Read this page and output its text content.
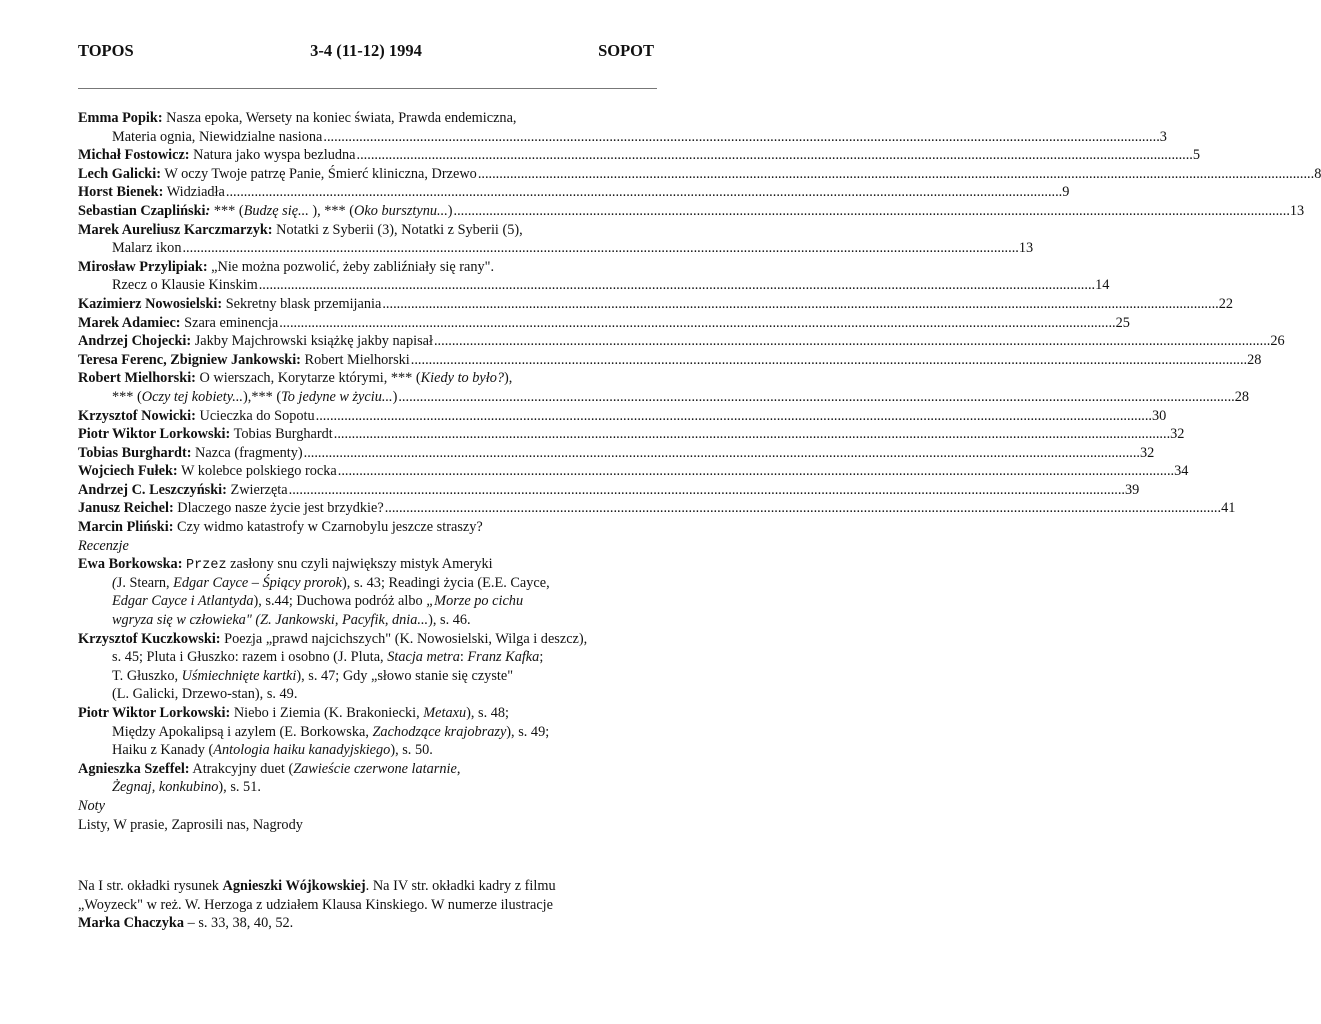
TOPOS	3-4 (11-12) 1994	SOPOT
Emma Popik: Nasza epoka, Wersety na koniec świata, Prawda endemiczna,
Materia ognia, Niewidzialne nasiona .......................................................................................................................................................................................................................................... 3
Michał Fostowicz: Natura jako wyspa bezludna .......................................................................................................................................................................................................................................... 5
Lech Galicki: W oczy Twoje patrzę Panie, Śmierć kliniczna, Drzewo .......................................................................................................................................................................................................................................... 8
Horst Bienek: Widziadła .......................................................................................................................................................................................................................................... 9
Sebastian Czapliński: *** (Budzę się... ), *** (Oko bursztynu...) .......................................................................................................................................................................................................................................... 13
Marek Aureliusz Karczmarzyk: Notatki z Syberii (3), Notatki z Syberii (5),
Malarz ikon .......................................................................................................................................................................................................................................... 13
Mirosław Przylipiak: „Nie można pozwolić, żeby zabliźniały się rany".
Rzecz o Klausie Kinskim .......................................................................................................................................................................................................................................... 14
Kazimierz Nowosielski: Sekretny blask przemijania .......................................................................................................................................................................................................................................... 22
Marek Adamiec: Szara eminencja .......................................................................................................................................................................................................................................... 25
Andrzej Chojecki: Jakby Majchrowski książkę jakby napisał .......................................................................................................................................................................................................................................... 26
Teresa Ferenc, Zbigniew Jankowski: Robert Mielhorski .......................................................................................................................................................................................................................................... 28
Robert Mielhorski: O wierszach, Korytarze którymi, *** (Kiedy to było?),
*** (Oczy tej kobiety...),*** (To jedyne w życiu...) .......................................................................................................................................................................................................................................... 28
Krzysztof Nowicki: Ucieczka do Sopotu .......................................................................................................................................................................................................................................... 30
Piotr Wiktor Lorkowski: Tobias Burghardt .......................................................................................................................................................................................................................................... 32
Tobias Burghardt: Nazca (fragmenty) .......................................................................................................................................................................................................................................... 32
Wojciech Fułek: W kolebce polskiego rocka .......................................................................................................................................................................................................................................... 34
Andrzej C. Leszczyński: Zwierzęta .......................................................................................................................................................................................................................................... 39
Janusz Reichel: Dlaczego nasze życie jest brzydkie? .......................................................................................................................................................................................................................................... 41
Marcin Pliński: Czy widmo katastrofy w Czarnobylu jeszcze straszy?
Recenzje
Ewa Borkowska: Przez zasłony snu czyli największy mistyk Ameryki
(J. Stearn, Edgar Cayce – Śpiący prorok), s. 43; Readingi życia (E.E. Cayce,
Edgar Cayce i Atlantyda), s.44; Duchowa podróż albo „Morze po cichu
wgryza się w człowieka" (Z. Jankowski, Pacyfik, dnia...), s. 46.
Krzysztof Kuczkowski: Poezja „prawd najcichszych" (K. Nowosielski, Wilga i deszcz),
s. 45; Pluta i Głuszko: razem i osobno (J. Pluta, Stacja metra: Franz Kafka;
T. Głuszko, Uśmiechnięte kartki), s. 47; Gdy „słowo stanie się czyste"
(L. Galicki, Drzewo-stan), s. 49.
Piotr Wiktor Lorkowski: Niebo i Ziemia (K. Brakoniecki, Metaxu), s. 48;
Między Apokalipsą i azylem (E. Borkowska, Zachodzące krajobrazy), s. 49;
Haiku z Kanady (Antologia haiku kanadyjskiego), s. 50.
Agnieszka Szeffel: Atrakcyjny duet (Zawieście czerwone latarnie,
Żegnaj, konkubino), s. 51.
Noty
Listy, W prasie, Zaprosili nas, Nagrody
Na I str. okładki rysunek Agnieszki Wójkowskiej. Na IV str. okładki kadry z filmu
„Woyzeck" w reż. W. Herzoga z udziałem Klausa Kinskiego. W numerze ilustracje
Marka Chaczyka – s. 33, 38, 40, 52.
